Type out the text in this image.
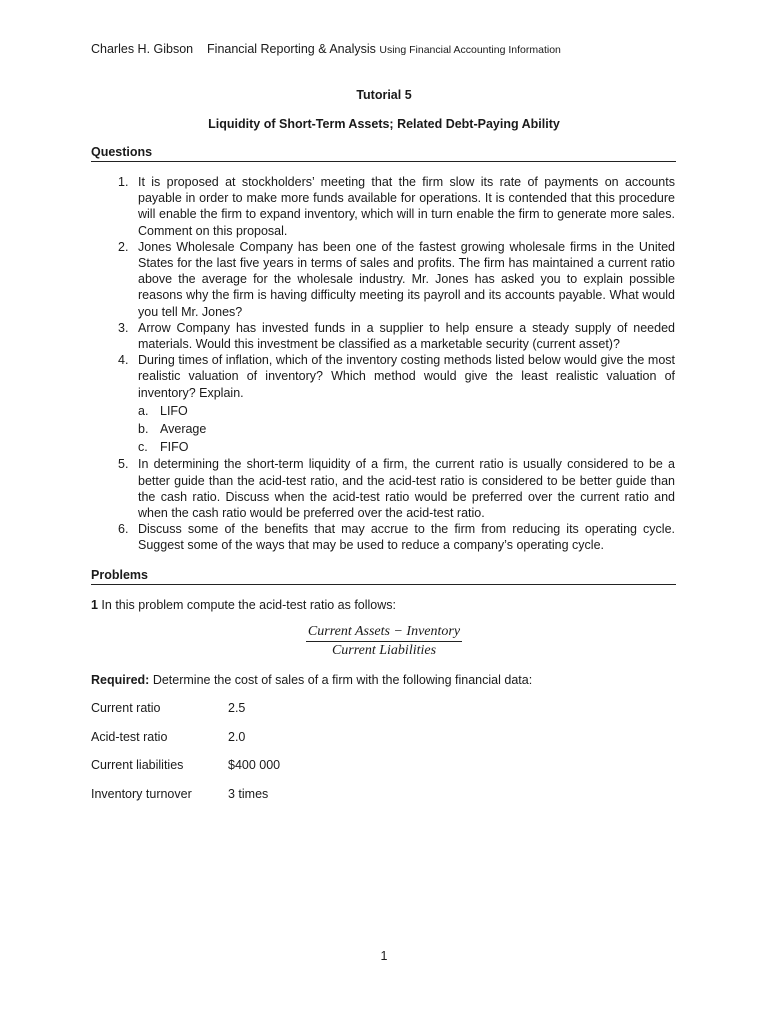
Charles H. Gibson Financial Reporting & Analysis Using Financial Accounting Information
Tutorial 5
Liquidity of Short-Term Assets; Related Debt-Paying Ability
Questions
1. It is proposed at stockholders’ meeting that the firm slow its rate of payments on accounts payable in order to make more funds available for operations. It is contended that this procedure will enable the firm to expand inventory, which will in turn enable the firm to generate more sales. Comment on this proposal.
2. Jones Wholesale Company has been one of the fastest growing wholesale firms in the United States for the last five years in terms of sales and profits. The firm has maintained a current ratio above the average for the wholesale industry. Mr. Jones has asked you to explain possible reasons why the firm is having difficulty meeting its payroll and its accounts payable. What would you tell Mr. Jones?
3. Arrow Company has invested funds in a supplier to help ensure a steady supply of needed materials. Would this investment be classified as a marketable security (current asset)?
4. During times of inflation, which of the inventory costing methods listed below would give the most realistic valuation of inventory? Which method would give the least realistic valuation of inventory? Explain.
a. LIFO
b. Average
c. FIFO
5. In determining the short-term liquidity of a firm, the current ratio is usually considered to be a better guide than the acid-test ratio, and the acid-test ratio is considered to be better guide than the cash ratio. Discuss when the acid-test ratio would be preferred over the current ratio and when the cash ratio would be preferred over the acid-test ratio.
6. Discuss some of the benefits that may accrue to the firm from reducing its operating cycle. Suggest some of the ways that may be used to reduce a company’s operating cycle.
Problems
1 In this problem compute the acid-test ratio as follows:
$\frac{\text{Current Assets − Inventory}}{\text{Current Liabilities}}$
Required: Determine the cost of sales of a firm with the following financial data:
Current ratio	2.5
Acid-test ratio	2.0
Current liabilities	$400 000
Inventory turnover	3 times
1
